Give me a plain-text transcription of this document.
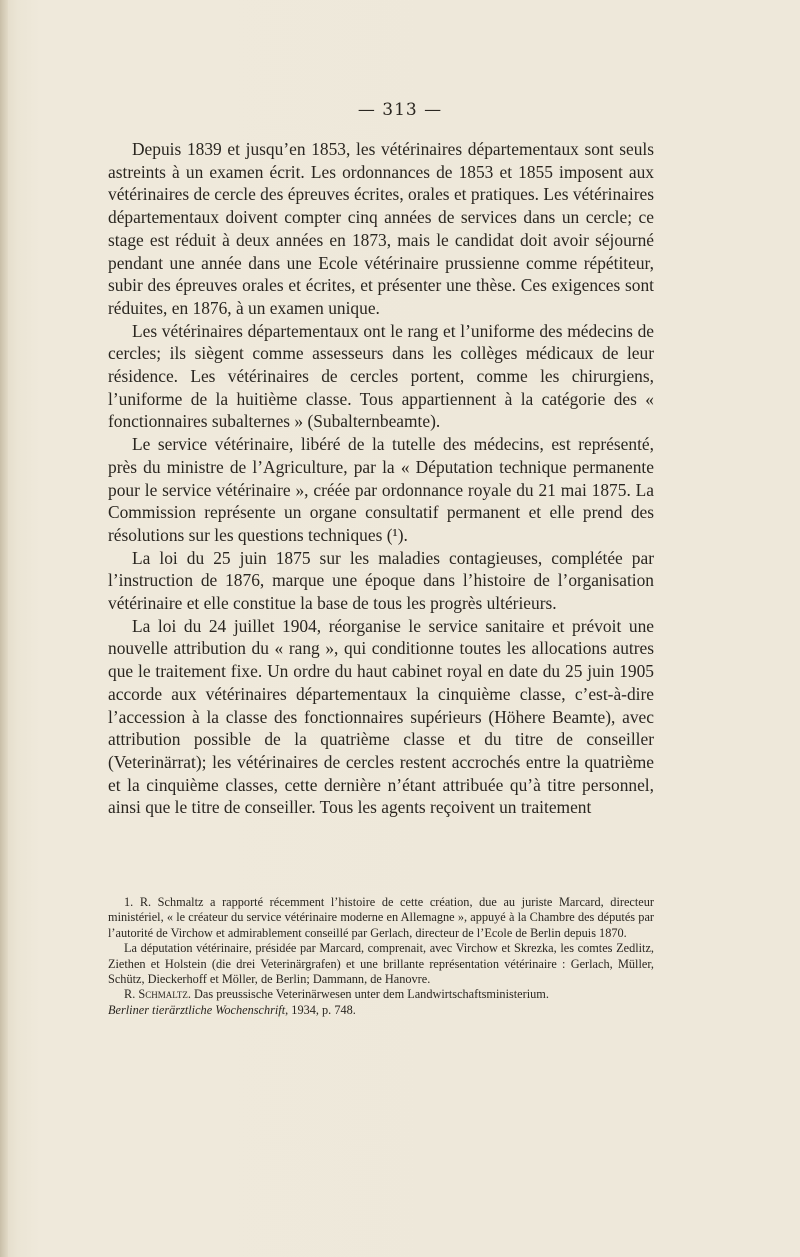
— 313 —

Depuis 1839 et jusqu’en 1853, les vétérinaires départementaux sont seuls astreints à un examen écrit. Les ordonnances de 1853 et 1855 imposent aux vétérinaires de cercle des épreuves écrites, orales et pratiques. Les vétérinaires départementaux doivent compter cinq années de services dans un cercle; ce stage est réduit à deux années en 1873, mais le candidat doit avoir séjourné pendant une année dans une Ecole vétérinaire prussienne comme répétiteur, subir des épreuves orales et écrites, et présenter une thèse. Ces exigences sont réduites, en 1876, à un examen unique.

Les vétérinaires départementaux ont le rang et l’uniforme des médecins de cercles; ils siègent comme assesseurs dans les collèges médicaux de leur résidence. Les vétérinaires de cercles portent, comme les chirurgiens, l’uniforme de la huitième classe. Tous appartiennent à la catégorie des « fonctionnaires subalternes » (Subalternbeamte).

Le service vétérinaire, libéré de la tutelle des médecins, est représenté, près du ministre de l’Agriculture, par la « Députation technique permanente pour le service vétérinaire », créée par ordonnance royale du 21 mai 1875. La Commission représente un organe consultatif permanent et elle prend des résolutions sur les questions techniques (¹).

La loi du 25 juin 1875 sur les maladies contagieuses, complétée par l’instruction de 1876, marque une époque dans l’histoire de l’organisation vétérinaire et elle constitue la base de tous les progrès ultérieurs.

La loi du 24 juillet 1904, réorganise le service sanitaire et prévoit une nouvelle attribution du « rang », qui conditionne toutes les allocations autres que le traitement fixe. Un ordre du haut cabinet royal en date du 25 juin 1905 accorde aux vétérinaires départementaux la cinquième classe, c’est-à-dire l’accession à la classe des fonctionnaires supérieurs (Höhere Beamte), avec attribution possible de la quatrième classe et du titre de conseiller (Veterinärrat); les vétérinaires de cercles restent accrochés entre la quatrième et la cinquième classes, cette dernière n’étant attribuée qu’à titre personnel, ainsi que le titre de conseiller. Tous les agents reçoivent un traitement

1. R. Schmaltz a rapporté récemment l’histoire de cette création, due au juriste Marcard, directeur ministériel, « le créateur du service vétérinaire moderne en Allemagne », appuyé à la Chambre des députés par l’autorité de Virchow et admirablement conseillé par Gerlach, directeur de l’Ecole de Berlin depuis 1870.

La députation vétérinaire, présidée par Marcard, comprenait, avec Virchow et Skrezka, les comtes Zedlitz, Ziethen et Holstein (die drei Veterinärgrafen) et une brillante représentation vétérinaire : Gerlach, Müller, Schütz, Dieckerhoff et Möller, de Berlin; Dammann, de Hanovre.

R. Schmaltz. Das preussische Veterinärwesen unter dem Landwirtschaftsministerium.
Berliner tierärztliche Wochenschrift, 1934, p. 748.
